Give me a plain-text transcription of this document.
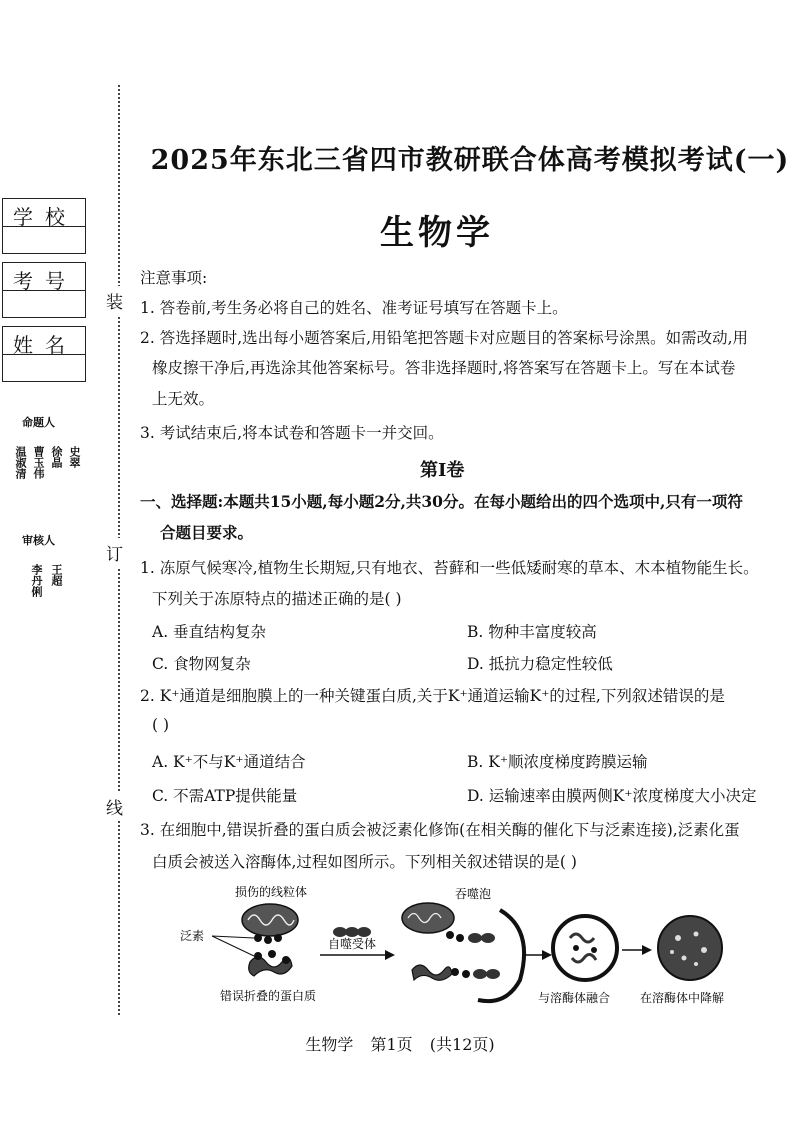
装
订
线
学校
考号
姓名
命题人
史翠
徐晶
曹玉伟
温淑清
审核人
王超
李丹俐
2025年东北三省四市教研联合体高考模拟考试(一)
生物学
注意事项:
1. 答卷前,考生务必将自己的姓名、准考证号填写在答题卡上。
2. 答选择题时,选出每小题答案后,用铅笔把答题卡对应题目的答案标号涂黑。如需改动,用
橡皮擦干净后,再选涂其他答案标号。答非选择题时,将答案写在答题卡上。写在本试卷
上无效。
3. 考试结束后,将本试卷和答题卡一并交回。
第Ⅰ卷
一、选择题:本题共15小题,每小题2分,共30分。在每小题给出的四个选项中,只有一项符
合题目要求。
1. 冻原气候寒冷,植物生长期短,只有地衣、苔藓和一些低矮耐寒的草本、木本植物能生长。
下列关于冻原特点的描述正确的是( )
A. 垂直结构复杂	B. 物种丰富度较高
C. 食物网复杂	D. 抵抗力稳定性较低
2. K⁺通道是细胞膜上的一种关键蛋白质,关于K⁺通道运输K⁺的过程,下列叙述错误的是
( )
A. K⁺不与K⁺通道结合	B. K⁺顺浓度梯度跨膜运输
C. 不需ATP提供能量	D. 运输速率由膜两侧K⁺浓度梯度大小决定
3. 在细胞中,错误折叠的蛋白质会被泛素化修饰(在相关酶的催化下与泛素连接),泛素化蛋
白质会被送入溶酶体,过程如图所示。下列相关叙述错误的是( )
损伤的线粒体
泛素
错误折叠的蛋白质
自噬受体
吞噬泡
与溶酶体融合 在溶酶体中降解
生物学 第1页 (共12页)
